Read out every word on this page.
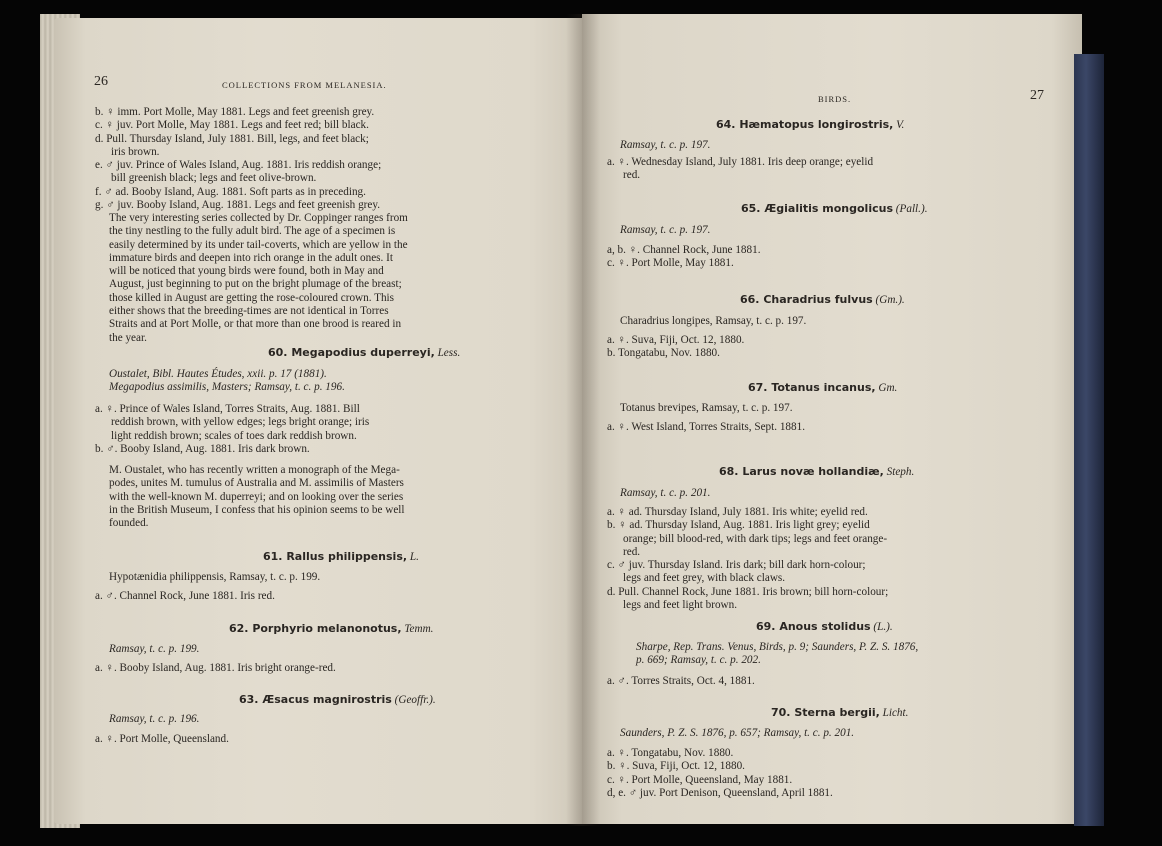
26	COLLECTIONS FROM MELANESIA.
b. ♀ imm. Port Molle, May 1881. Legs and feet greenish grey.
c. ♀ juv. Port Molle, May 1881. Legs and feet red; bill black.
d. Pull. Thursday Island, July 1881. Bill, legs, and feet black;
iris brown.
e. ♂ juv. Prince of Wales Island, Aug. 1881. Iris reddish orange;
bill greenish black; legs and feet olive-brown.
f. ♂ ad. Booby Island, Aug. 1881. Soft parts as in preceding.
g. ♂ juv. Booby Island, Aug. 1881. Legs and feet greenish grey.
The very interesting series collected by Dr. Coppinger ranges from
the tiny nestling to the fully adult bird. The age of a specimen is
easily determined by its under tail-coverts, which are yellow in the
immature birds and deepen into rich orange in the adult ones. It
will be noticed that young birds were found, both in May and
August, just beginning to put on the bright plumage of the breast;
those killed in August are getting the rose-coloured crown. This
either shows that the breeding-times are not identical in Torres
Straits and at Port Molle, or that more than one brood is reared in
the year.
60. Megapodius duperreyi, Less.
Oustalet, Bibl. Hautes Études, xxii. p. 17 (1881).
Megapodius assimilis, Masters; Ramsay, t. c. p. 196.
a. ♀. Prince of Wales Island, Torres Straits, Aug. 1881. Bill
reddish brown, with yellow edges; legs bright orange; iris
light reddish brown; scales of toes dark reddish brown.
b. ♂. Booby Island, Aug. 1881. Iris dark brown.
M. Oustalet, who has recently written a monograph of the Mega-
podes, unites M. tumulus of Australia and M. assimilis of Masters
with the well-known M. duperreyi; and on looking over the series
in the British Museum, I confess that his opinion seems to be well
founded.
61. Rallus philippensis, L.
Hypotænidia philippensis, Ramsay, t. c. p. 199.
a. ♂. Channel Rock, June 1881. Iris red.
62. Porphyrio melanonotus, Temm.
Ramsay, t. c. p. 199.
a. ♀. Booby Island, Aug. 1881. Iris bright orange-red.
63. Æsacus magnirostris (Geoffr.).
Ramsay, t. c. p. 196.
a. ♀. Port Molle, Queensland.
BIRDS.	27
64. Hæmatopus longirostris, V.
Ramsay, t. c. p. 197.
a. ♀. Wednesday Island, July 1881. Iris deep orange; eyelid
red.
65. Ægialitis mongolicus (Pall.).
Ramsay, t. c. p. 197.
a, b. ♀. Channel Rock, June 1881.
c. ♀. Port Molle, May 1881.
66. Charadrius fulvus (Gm.).
Charadrius longipes, Ramsay, t. c. p. 197.
a. ♀. Suva, Fiji, Oct. 12, 1880.
b. Tongatabu, Nov. 1880.
67. Totanus incanus, Gm.
Totanus brevipes, Ramsay, t. c. p. 197.
a. ♀. West Island, Torres Straits, Sept. 1881.
68. Larus novæ hollandiæ, Steph.
Ramsay, t. c. p. 201.
a. ♀ ad. Thursday Island, July 1881. Iris white; eyelid red.
b. ♀ ad. Thursday Island, Aug. 1881. Iris light grey; eyelid
orange; bill blood-red, with dark tips; legs and feet orange-
red.
c. ♂ juv. Thursday Island. Iris dark; bill dark horn-colour;
legs and feet grey, with black claws.
d. Pull. Channel Rock, June 1881. Iris brown; bill horn-colour;
legs and feet light brown.
69. Anous stolidus (L.).
Sharpe, Rep. Trans. Venus, Birds, p. 9; Saunders, P. Z. S. 1876,
p. 669; Ramsay, t. c. p. 202.
a. ♂. Torres Straits, Oct. 4, 1881.
70. Sterna bergii, Licht.
Saunders, P. Z. S. 1876, p. 657; Ramsay, t. c. p. 201.
a. ♀. Tongatabu, Nov. 1880.
b. ♀. Suva, Fiji, Oct. 12, 1880.
c. ♀. Port Molle, Queensland, May 1881.
d, e. ♂ juv. Port Denison, Queensland, April 1881.
